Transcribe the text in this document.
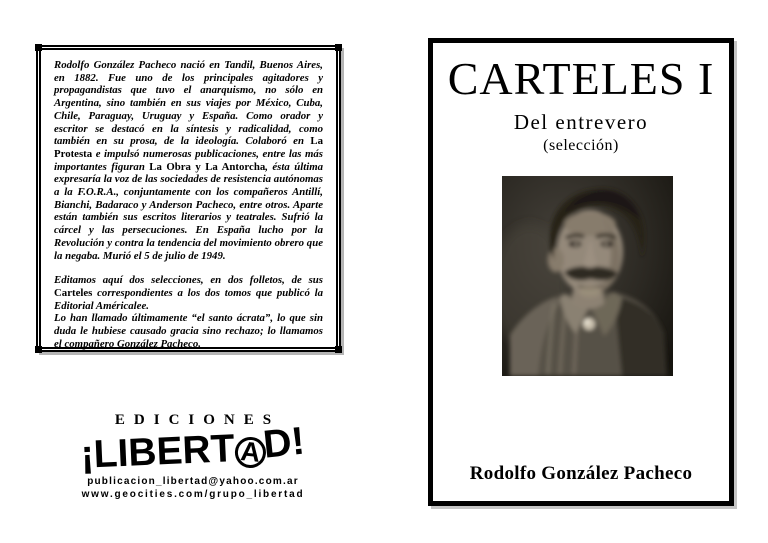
Rodolfo González Pacheco nació en Tandil, Buenos Aires, en 1882. Fue uno de los principales agitadores y propagandistas que tuvo el anarquismo, no sólo en Argentina, sino también en sus viajes por México, Cuba, Chile, Paraguay, Uruguay y España. Como orador y escritor se destacó en la síntesis y radicalidad, como también en su prosa, de la ideología. Colaboró en La Protesta e impulsó numerosas publicaciones, entre las más importantes figuran La Obra y La Antorcha, ésta última expresaría la voz de las sociedades de resistencia autónomas a la F.O.R.A., conjuntamente con los compañeros Antillí, Bianchi, Badaraco y Anderson Pacheco, entre otros. Aparte están también sus escritos literarios y teatrales. Sufrió la cárcel y las persecuciones. En España lucho por la Revolución y contra la tendencia del movimiento obrero que la negaba. Murió el 5 de julio de 1949.

Editamos aquí dos selecciones, en dos folletos, de sus Carteles correspondientes a los dos tomos que publicó la Editorial Américalee.

Lo han llamado últimamente “el santo ácrata”, lo que sin duda le hubiese causado gracia sino rechazo; lo llamamos el compañero González Pacheco.

EDICIONES
¡LIBERT AD!
publicacion_libertad@yahoo.com.ar
www.geocities.com/grupo_libertad
CARTELES I
Del entrevero
(selección)
Rodolfo González Pacheco
